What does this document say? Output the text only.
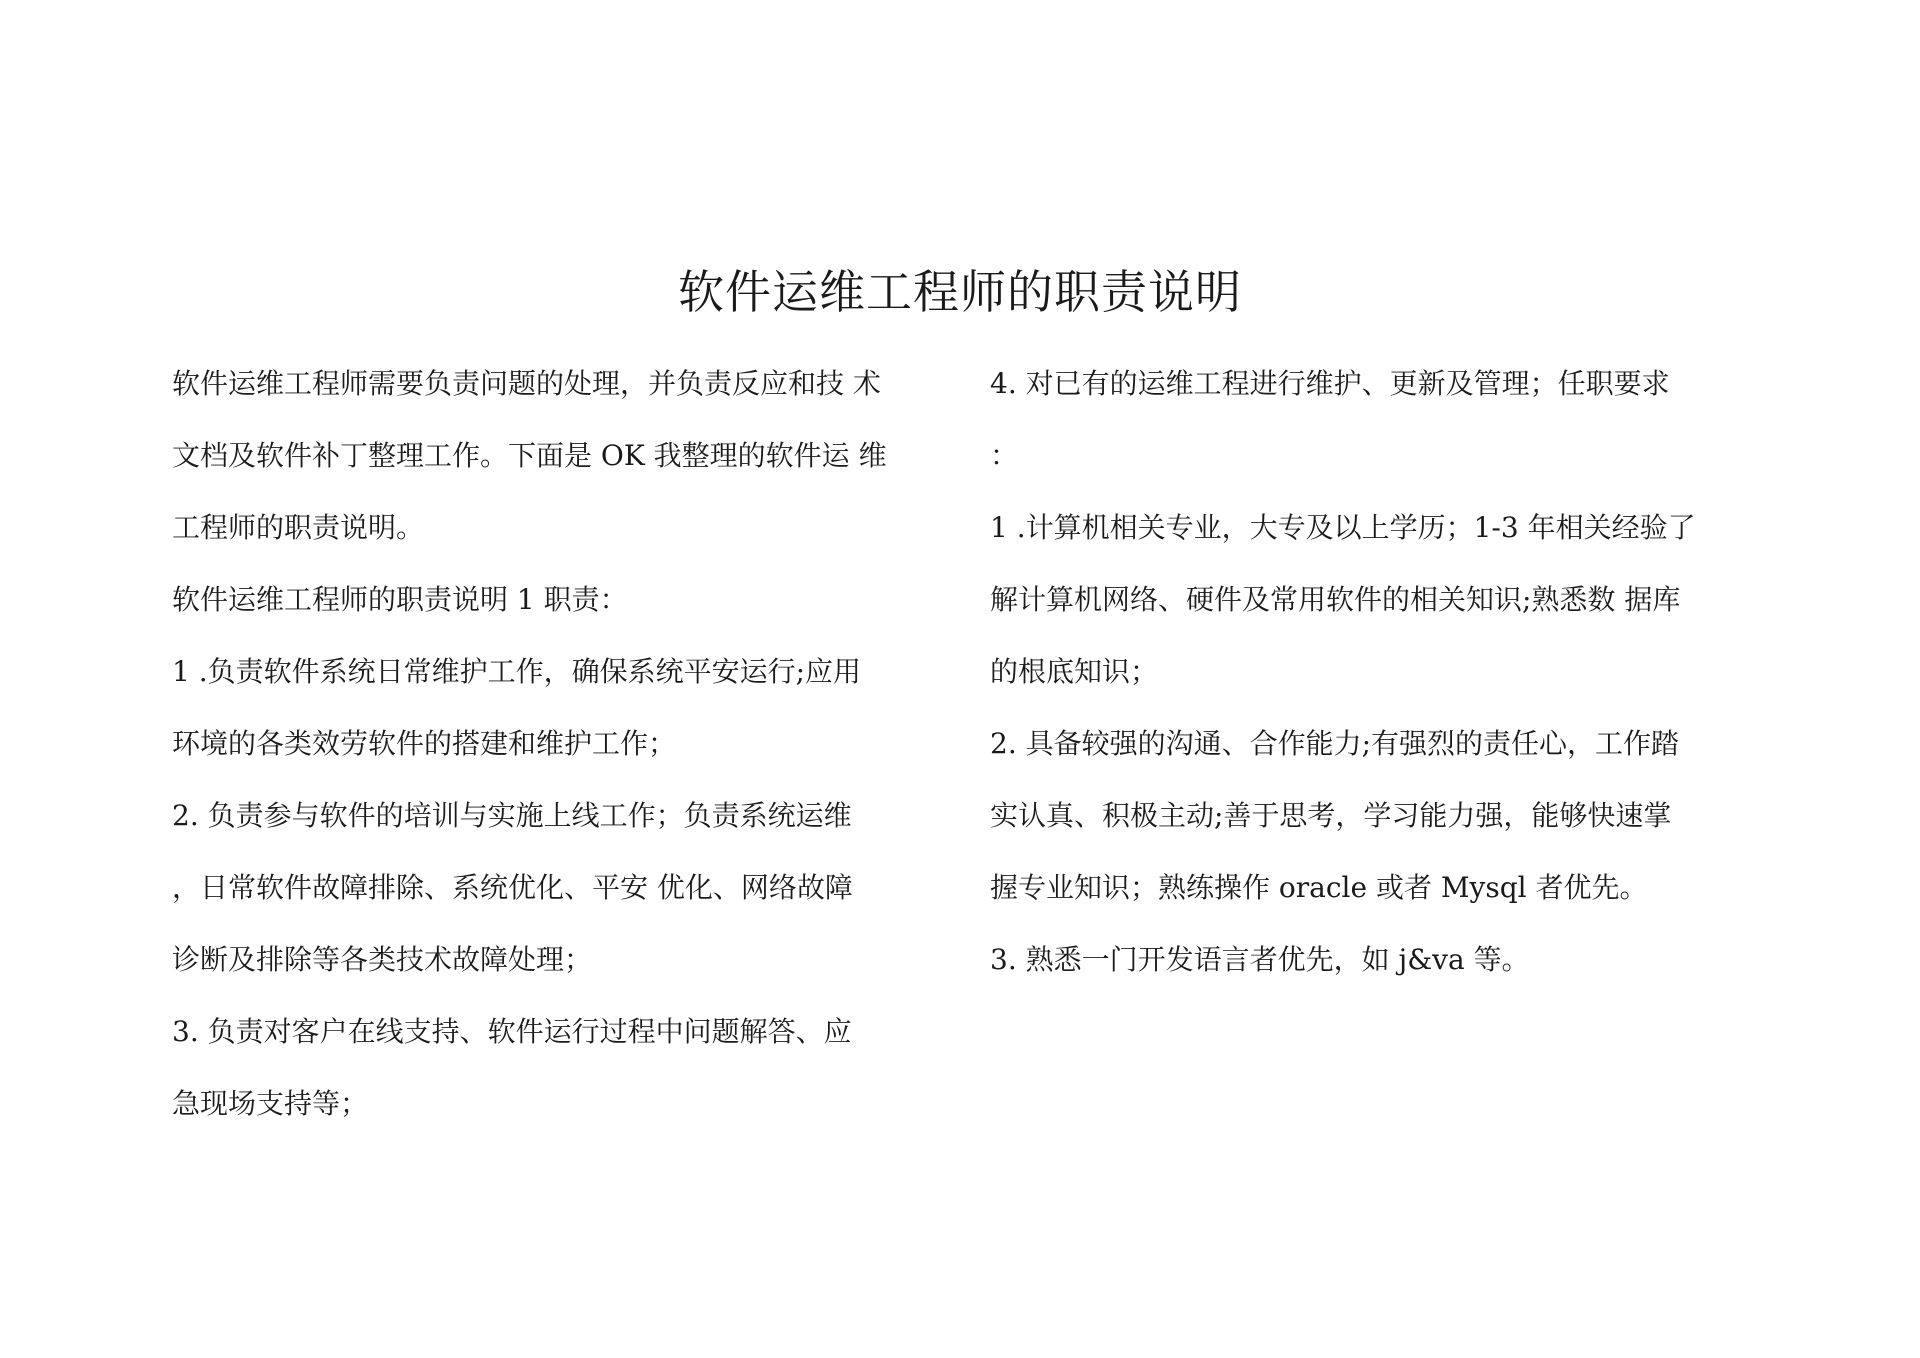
软件运维工程师的职责说明
软件运维工程师需要负责问题的处理，并负责反应和技 术
文档及软件补丁整理工作。下面是 OK 我整理的软件运 维
工程师的职责说明。
软件运维工程师的职责说明 1 职责：
1 .负责软件系统日常维护工作，确保系统平安运行;应用
环境的各类效劳软件的搭建和维护工作；
2. 负责参与软件的培训与实施上线工作；负责系统运维
，日常软件故障排除、系统优化、平安 优化、网络故障
诊断及排除等各类技术故障处理；
3. 负责对客户在线支持、软件运行过程中问题解答、应
急现场支持等；
4. 对已有的运维工程进行维护、更新及管理；任职要求
：
1 .计算机相关专业，大专及以上学历；1-3 年相关经验了
解计算机网络、硬件及常用软件的相关知识;熟悉数 据库
的根底知识；
2. 具备较强的沟通、合作能力;有强烈的责任心，工作踏
实认真、积极主动;善于思考，学习能力强，能够快速掌
握专业知识；熟练操作 oracle 或者 Mysql 者优先。
3. 熟悉一门开发语言者优先，如 j&va 等。
